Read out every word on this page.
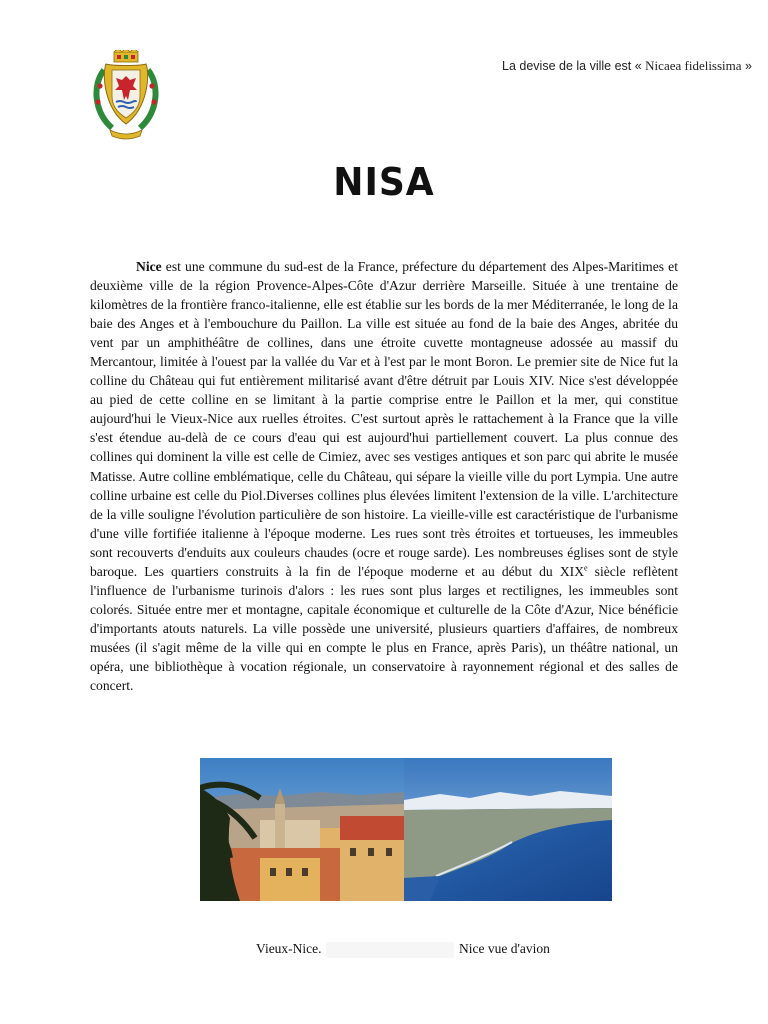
La devise de la ville est « Nicaea fidelissima »
NISA
Nice est une commune du sud-est de la France, préfecture du département des Alpes-Maritimes et deuxième ville de la région Provence-Alpes-Côte d'Azur derrière Marseille. Située à une trentaine de kilomètres de la frontière franco-italienne, elle est établie sur les bords de la mer Méditerranée, le long de la baie des Anges et à l'embouchure du Paillon. La ville est située au fond de la baie des Anges, abritée du vent par un amphithéâtre de collines, dans une étroite cuvette montagneuse adossée au massif du Mercantour, limitée à l'ouest par la vallée du Var et à l'est par le mont Boron. Le premier site de Nice fut la colline du Château qui fut entièrement militarisé avant d'être détruit par Louis XIV. Nice s'est développée au pied de cette colline en se limitant à la partie comprise entre le Paillon et la mer, qui constitue aujourd'hui le Vieux-Nice aux ruelles étroites. C'est surtout après le rattachement à la France que la ville s'est étendue au-delà de ce cours d'eau qui est aujourd'hui partiellement couvert. La plus connue des collines qui dominent la ville est celle de Cimiez, avec ses vestiges antiques et son parc qui abrite le musée Matisse. Autre colline emblématique, celle du Château, qui sépare la vieille ville du port Lympia. Une autre colline urbaine est celle du Piol.Diverses collines plus élevées limitent l'extension de la ville. L'architecture de la ville souligne l'évolution particulière de son histoire. La vieille-ville est caractéristique de l'urbanisme d'une ville fortifiée italienne à l'époque moderne. Les rues sont très étroites et tortueuses, les immeubles sont recouverts d'enduits aux couleurs chaudes (ocre et rouge sarde). Les nombreuses églises sont de style baroque. Les quartiers construits à la fin de l'époque moderne et au début du XIXe siècle reflètent l'influence de l'urbanisme turinois d'alors : les rues sont plus larges et rectilignes, les immeubles sont colorés. Située entre mer et montagne, capitale économique et culturelle de la Côte d'Azur, Nice bénéficie d'importants atouts naturels. La ville possède une université, plusieurs quartiers d'affaires, de nombreux musées (il s'agit même de la ville qui en compte le plus en France, après Paris), un théâtre national, un opéra, une bibliothèque à vocation régionale, un conservatoire à rayonnement régional et des salles de concert.
Vieux-Nice.	Nice vue d'avion
